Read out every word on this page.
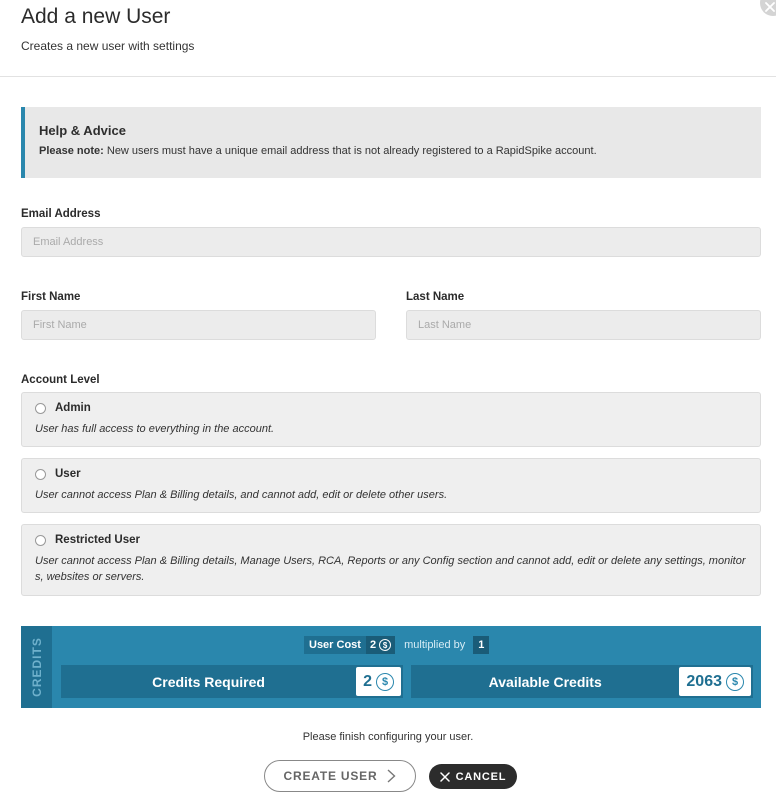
Add a new User
Creates a new user with settings
Help & Advice
Please note: New users must have a unique email address that is not already registered to a RapidSpike account.
Email Address
Email Address
First Name
First Name	Last Name
Last Name
Account Level
Admin
User has full access to everything in the account.
User
User cannot access Plan & Billing details, and cannot add, edit or delete other users.
Restricted User
User cannot access Plan & Billing details, Manage Users, RCA, Reports or any Config section and cannot add, edit or delete any settings, monitors, websites or servers.
CREDITS	User Cost 2 $	multiplied by	1
Credits Required	2 $	Available Credits	2063 $
Please finish configuring your user.
CREATE USER	CANCEL
